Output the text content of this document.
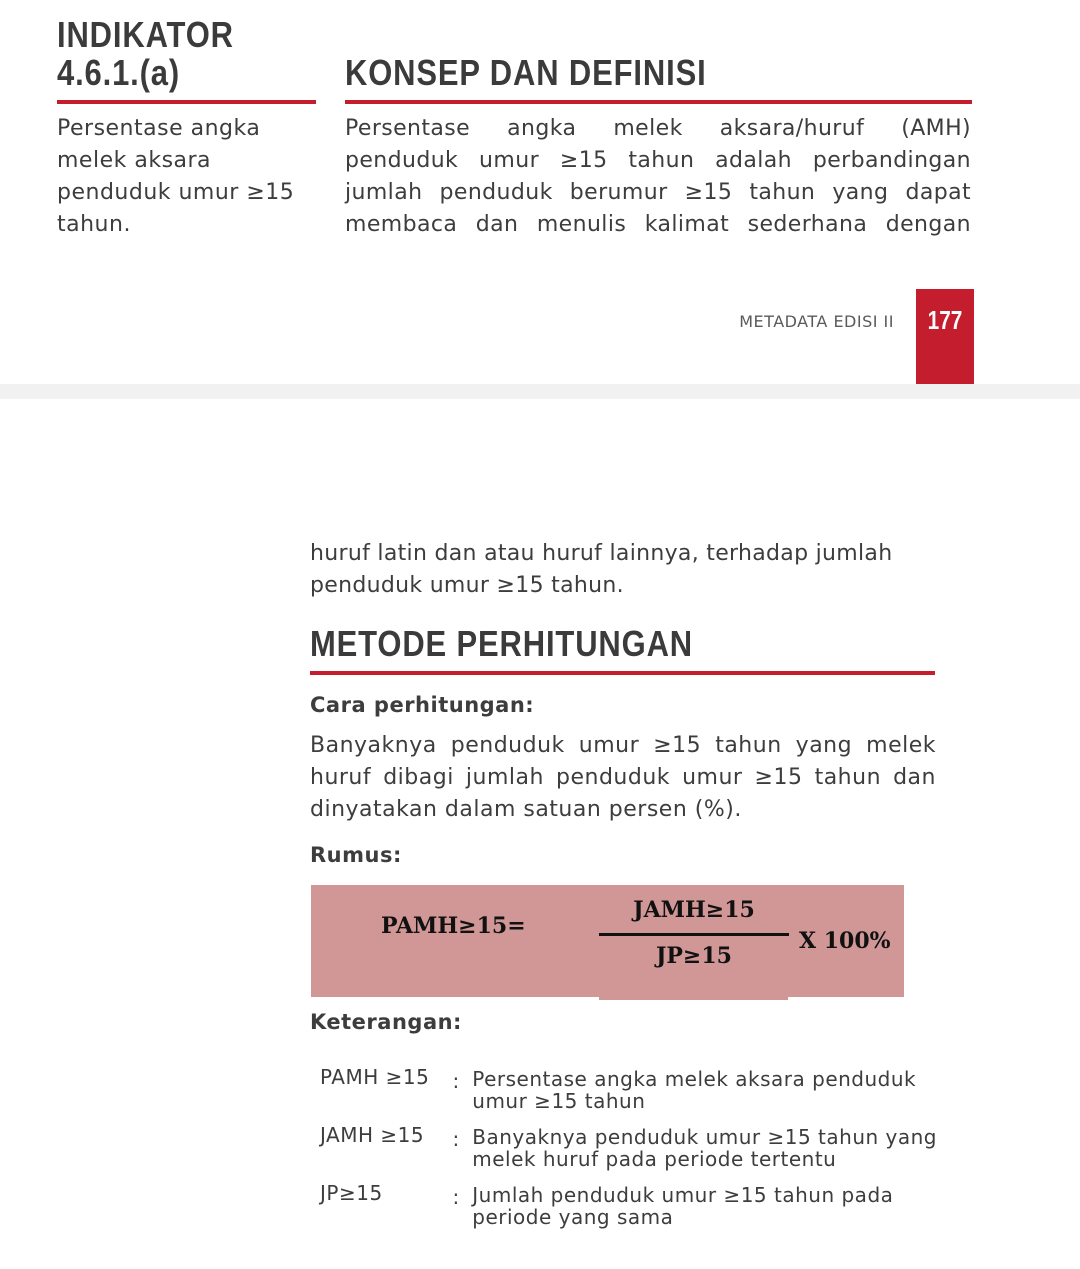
INDIKATOR
4.6.1.(a)	KONSEP DAN DEFINISI
Persentase angka melek aksara penduduk umur ≥15 tahun.
Persentase angka melek aksara/huruf (AMH) penduduk umur ≥15 tahun adalah perbandingan jumlah penduduk berumur ≥15 tahun yang dapat membaca dan menulis kalimat sederhana dengan
METADATA EDISI II 177
huruf latin dan atau huruf lainnya, terhadap jumlah penduduk umur ≥15 tahun.
METODE PERHITUNGAN
Cara perhitungan:
Banyaknya penduduk umur ≥15 tahun yang melek huruf dibagi jumlah penduduk umur ≥15 tahun dan dinyatakan dalam satuan persen (%).
Rumus:
PAMH≥15=
JAMH≥15
JP≥15
X 100%
Keterangan:
PAMH ≥15	: Persentase angka melek aksara penduduk umur ≥15 tahun
JAMH ≥15	: Banyaknya penduduk umur ≥15 tahun yang melek huruf pada periode tertentu
JP≥15	: Jumlah penduduk umur ≥15 tahun pada periode yang sama
